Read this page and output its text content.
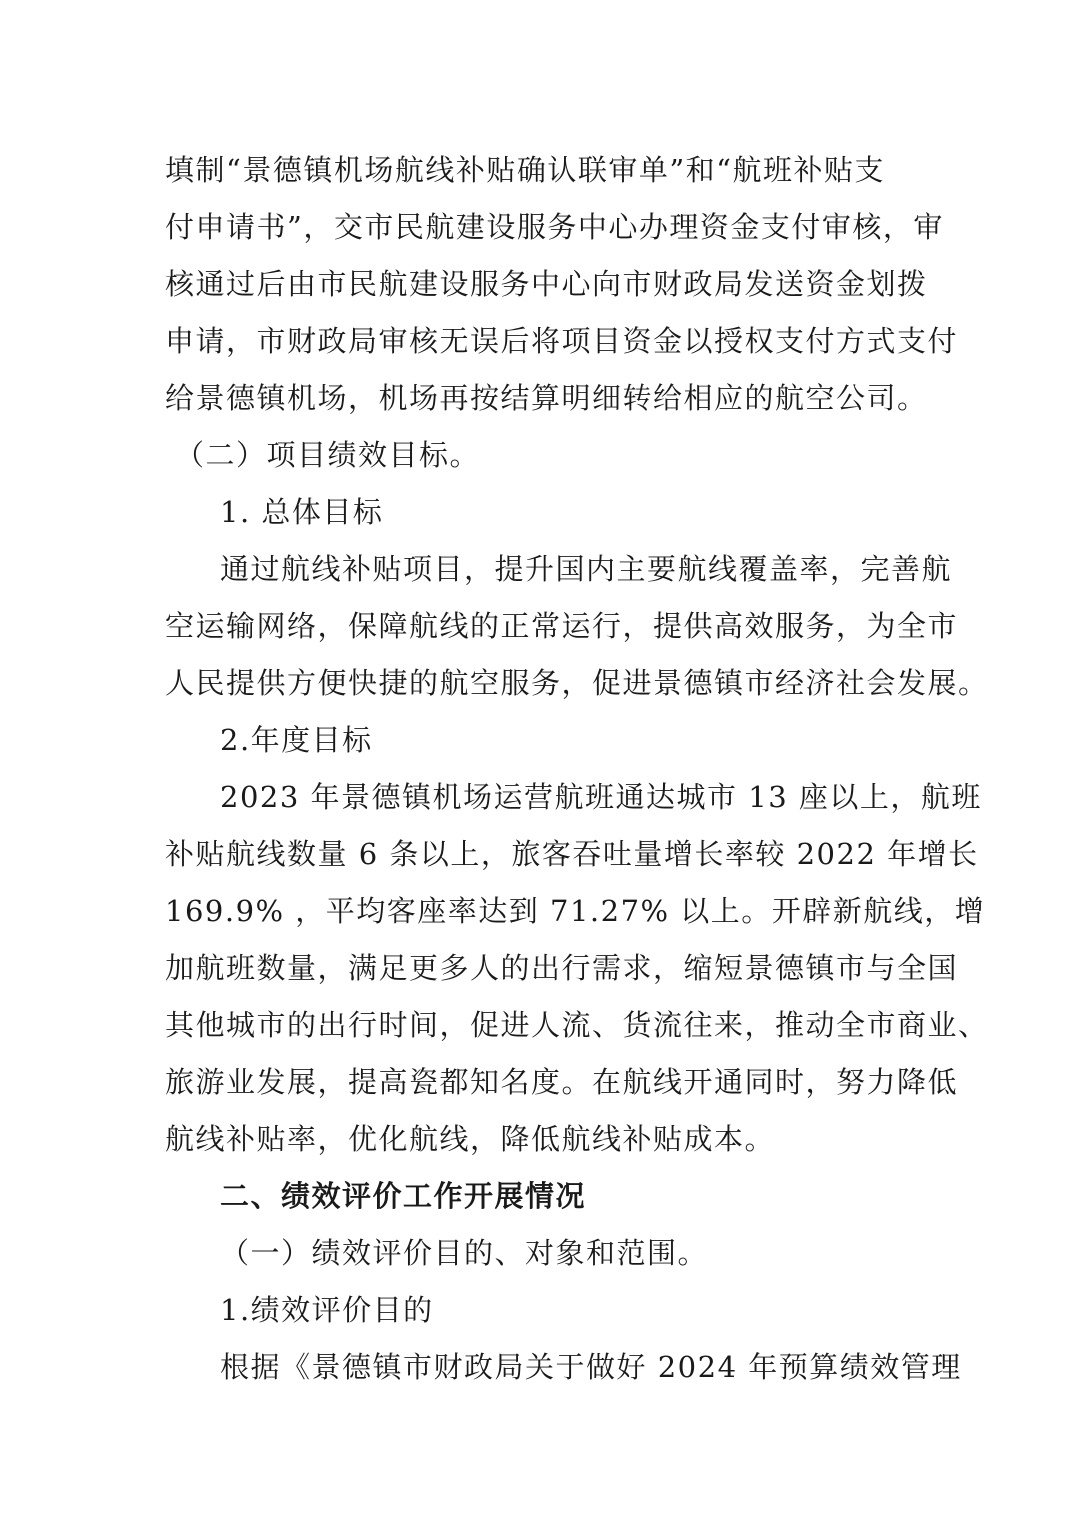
填制“景德镇机场航线补贴确认联审单”和“航班补贴支
付申请书”，交市民航建设服务中心办理资金支付审核，审
核通过后由市民航建设服务中心向市财政局发送资金划拨
申请，市财政局审核无误后将项目资金以授权支付方式支付
给景德镇机场，机场再按结算明细转给相应的航空公司。
（二）项目绩效目标。
1. 总体目标
通过航线补贴项目，提升国内主要航线覆盖率，完善航
空运输网络，保障航线的正常运行，提供高效服务，为全市
人民提供方便快捷的航空服务，促进景德镇市经济社会发展。
2.年度目标
2023 年景德镇机场运营航班通达城市 13 座以上，航班
补贴航线数量 6 条以上，旅客吞吐量增长率较 2022 年增长
169.9% ，平均客座率达到 71.27% 以上。开辟新航线，增
加航班数量，满足更多人的出行需求，缩短景德镇市与全国
其他城市的出行时间，促进人流、货流往来，推动全市商业、
旅游业发展，提高瓷都知名度。在航线开通同时，努力降低
航线补贴率，优化航线，降低航线补贴成本。
二、绩效评价工作开展情况
（一）绩效评价目的、对象和范围。
1.绩效评价目的
根据《景德镇市财政局关于做好 2024 年预算绩效管理
